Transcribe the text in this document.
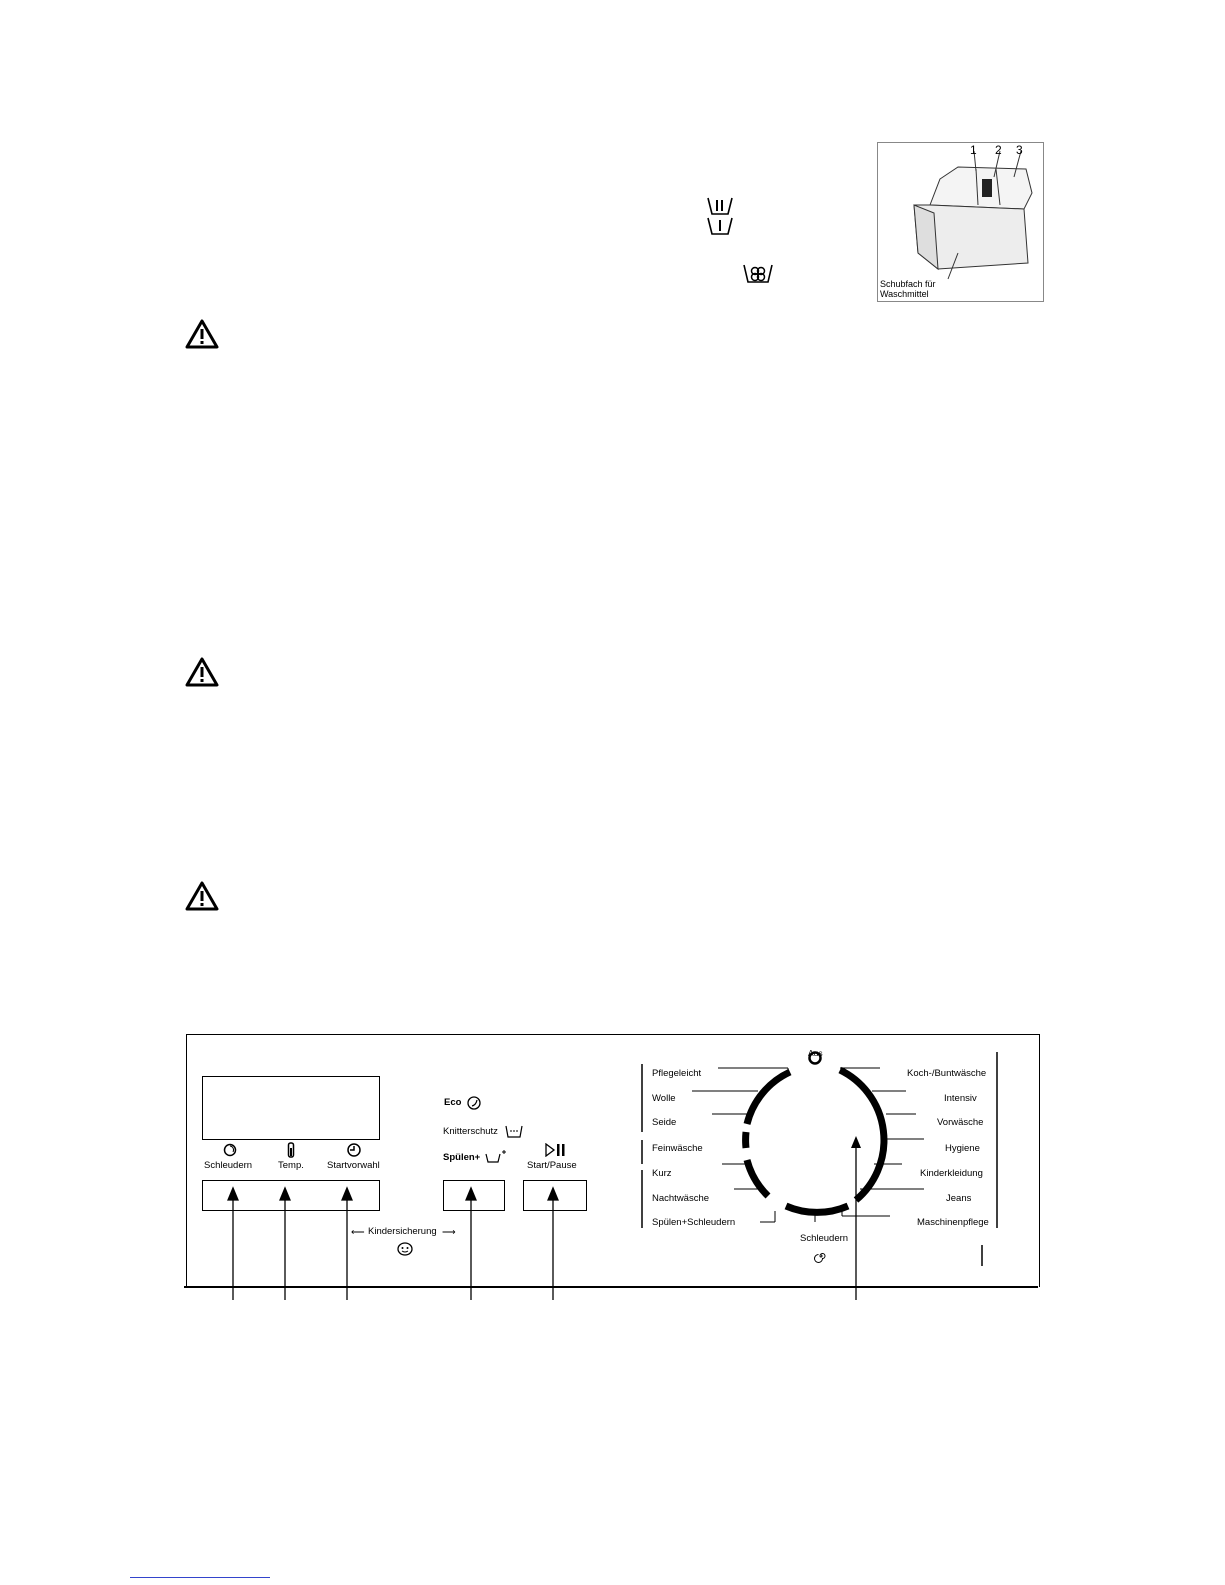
1 2 3
Schubfach für
Waschmittel
Schleudern	Temp. Startvorwahl
Eco
Knitterschutz
Spülen+
Start/Pause
⟵ Kindersicherung ⟶
Aus
Pflegeleicht
Wolle
Seide
Feinwäsche
Kurz
Nachtwäsche
Spülen+Schleudern
Koch-/Buntwäsche
Intensiv
Vorwäsche
Hygiene
Kinderkleidung
Jeans
Maschinenpflege
Schleudern
